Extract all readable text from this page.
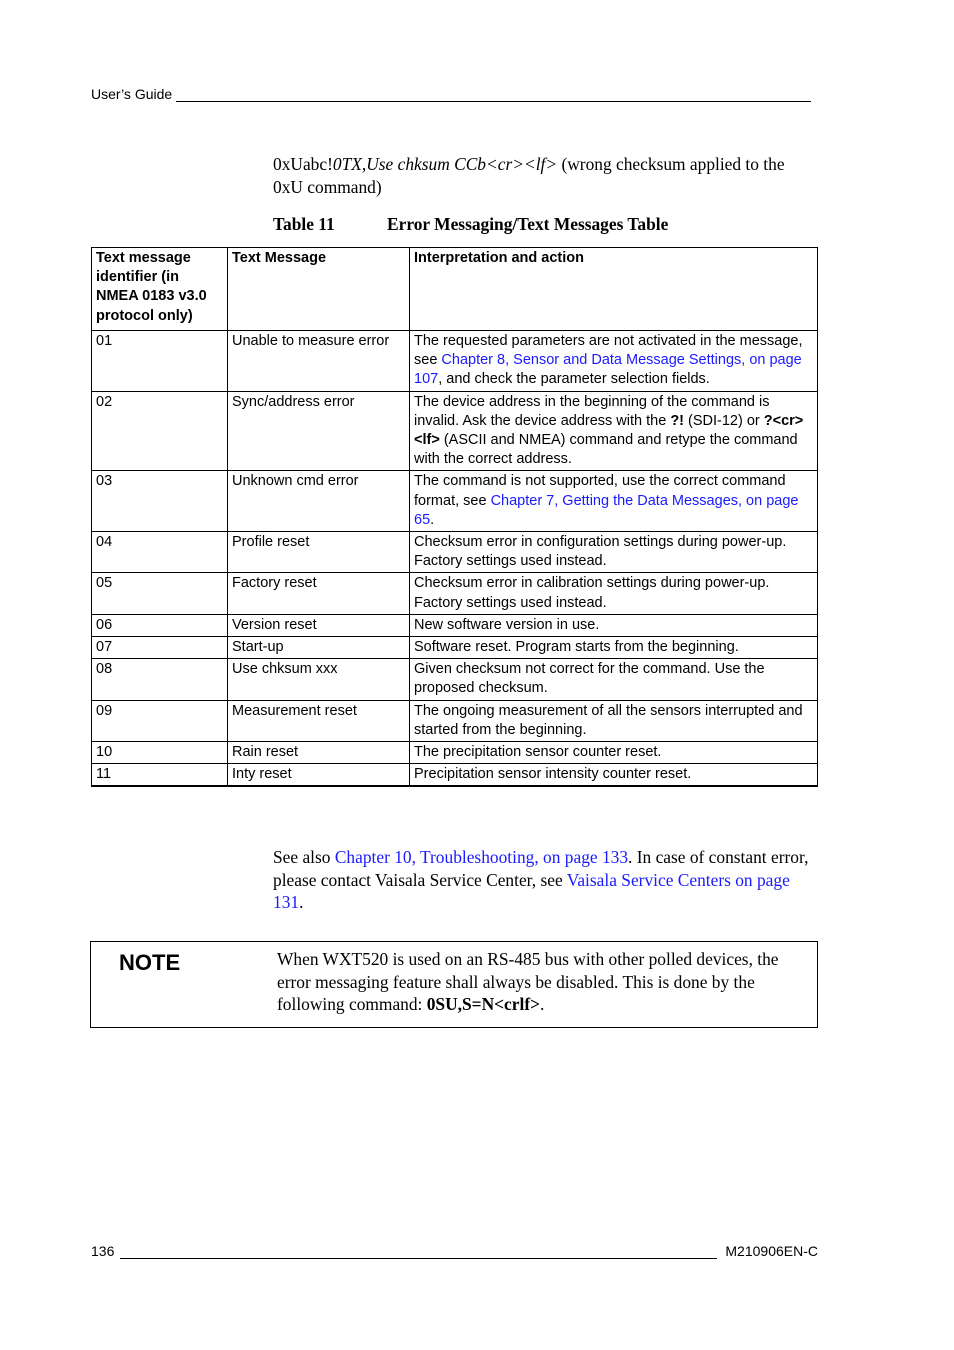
User’s Guide
0xUabc!0TX,Use chksum CCb<cr><lf> (wrong checksum applied to the 0xU command)
Table 11	Error Messaging/Text Messages Table
Text message identifier (in NMEA 0183 v3.0 protocol only)	Text Message	Interpretation and action
01	Unable to measure error	The requested parameters are not activated in the message, see Chapter 8, Sensor and Data Message Settings, on page 107, and check the parameter selection fields.
02	Sync/address error	The device address in the beginning of the command is invalid. Ask the device address with the ?! (SDI-12) or ?<cr><lf> (ASCII and NMEA) command and retype the command with the correct address.
03	Unknown cmd error	The command is not supported, use the correct command format, see Chapter 7, Getting the Data Messages, on page 65.
04	Profile reset	Checksum error in configuration settings during power-up. Factory settings used instead.
05	Factory reset	Checksum error in calibration settings during power-up. Factory settings used instead.
06	Version reset	New software version in use.
07	Start-up	Software reset. Program starts from the beginning.
08	Use chksum xxx	Given checksum not correct for the command. Use the proposed checksum.
09	Measurement reset	The ongoing measurement of all the sensors interrupted and started from the beginning.
10	Rain reset	The precipitation sensor counter reset.
11	Inty reset	Precipitation sensor intensity counter reset.
See also Chapter 10, Troubleshooting, on page 133. In case of constant error, please contact Vaisala Service Center, see Vaisala Service Centers on page 131.
NOTE	When WXT520 is used on an RS-485 bus with other polled devices, the error messaging feature shall always be disabled. This is done by the following command: 0SU,S=N<crlf>.
136	M210906EN-C
